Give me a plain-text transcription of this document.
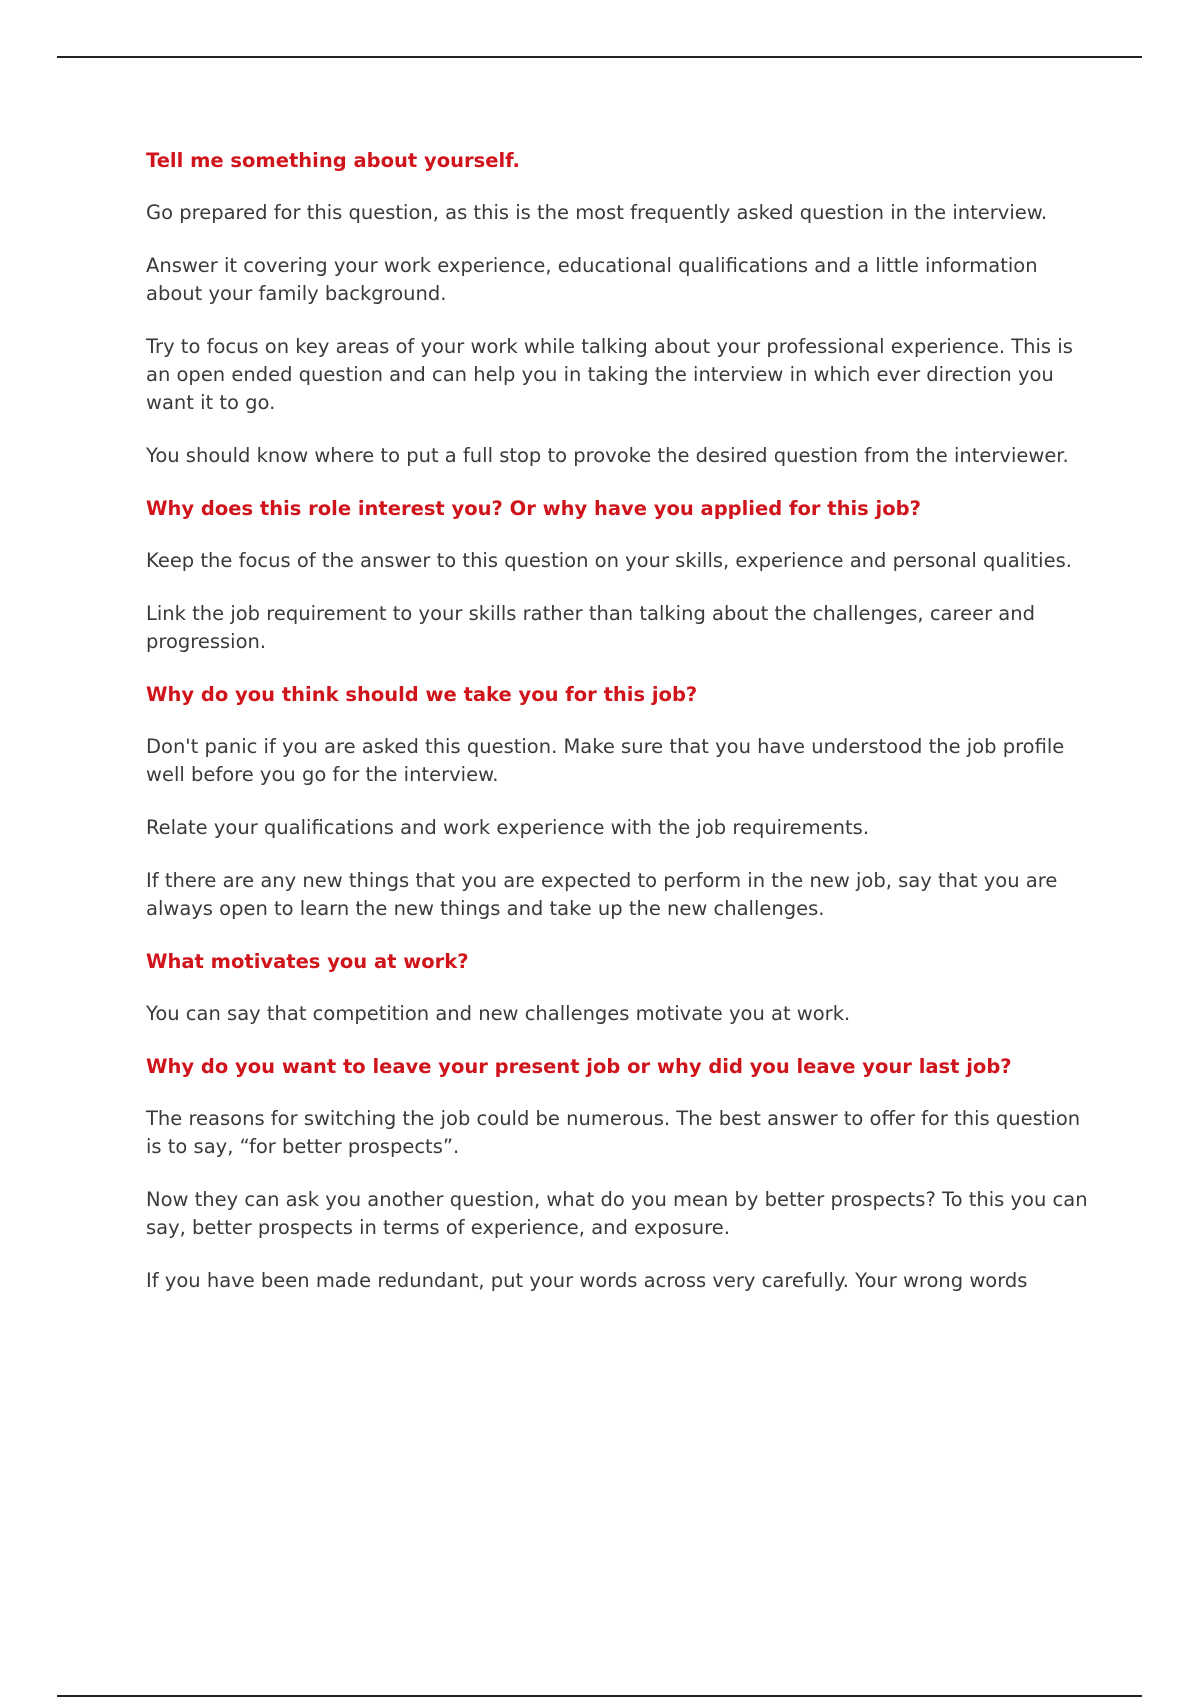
Tell me something about yourself.
Go prepared for this question, as this is the most frequently asked question in the interview.
Answer it covering your work experience, educational qualifications and a little information about your family background.
Try to focus on key areas of your work while talking about your professional experience. This is an open ended question and can help you in taking the interview in which ever direction you want it to go.
You should know where to put a full stop to provoke the desired question from the interviewer.
Why does this role interest you? Or why have you applied for this job?
Keep the focus of the answer to this question on your skills, experience and personal qualities.
Link the job requirement to your skills rather than talking about the challenges, career and progression.
Why do you think should we take you for this job?
Don't panic if you are asked this question. Make sure that you have understood the job profile well before you go for the interview.
Relate your qualifications and work experience with the job requirements.
If there are any new things that you are expected to perform in the new job, say that you are always open to learn the new things and take up the new challenges.
What motivates you at work?
You can say that competition and new challenges motivate you at work.
Why do you want to leave your present job or why did you leave your last job?
The reasons for switching the job could be numerous. The best answer to offer for this question is to say, “for better prospects”.
Now they can ask you another question, what do you mean by better prospects? To this you can say, better prospects in terms of experience, and exposure.
If you have been made redundant, put your words across very carefully. Your wrong words
